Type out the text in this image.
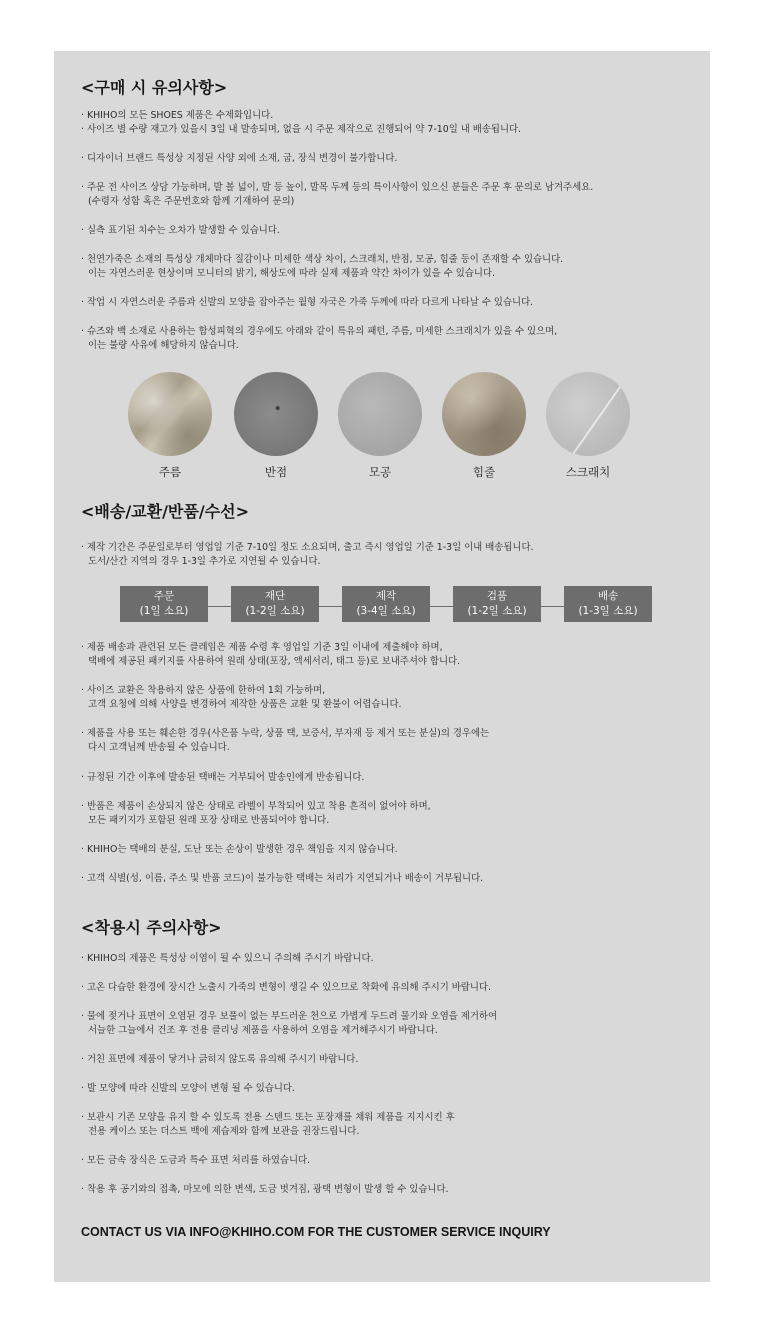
<구매 시 유의사항>

· KHIHO의 모든 SHOES 제품은 수제화입니다.
· 사이즈 별 수량 재고가 있을시 3일 내 발송되며, 없을 시 주문 제작으로 진행되어 약 7-10일 내 배송됩니다.

· 디자이너 브랜드 특성상 지정된 사양 외에 소재, 굽, 장식 변경이 불가합니다.

· 주문 전 사이즈 상담 가능하며, 발 볼 넓이, 발 등 높이, 발목 두께 등의 특이사항이 있으신 분들은 주문 후 문의로 남겨주세요.
(수령자 성함 혹은 주문번호와 함께 기재하여 문의)

· 실측 표기된 치수는 오차가 발생할 수 있습니다.

· 천연가죽은 소재의 특성상 개체마다 질감이나 미세한 색상 차이, 스크래치, 반점, 모공, 힘줄 등이 존재할 수 있습니다.
이는 자연스러운 현상이며 모니터의 밝기, 해상도에 따라 실제 제품과 약간 차이가 있을 수 있습니다.

· 작업 시 자연스러운 주름과 신발의 모양을 잡아주는 월형 자국은 가죽 두께에 따라 다르게 나타날 수 있습니다.

· 슈즈와 백 소재로 사용하는 합성피혁의 경우에도 아래와 같이 특유의 패턴, 주름, 미세한 스크래치가 있을 수 있으며,
이는 불량 사유에 해당하지 않습니다.

주름	반점	모공	힘줄	스크래치
<배송/교환/반품/수선>

· 제작 기간은 주문일로부터 영업일 기준 7-10일 정도 소요되며, 출고 즉시 영업일 기준 1-3일 이내 배송됩니다.
도서/산간 지역의 경우 1-3일 추가로 지연될 수 있습니다.

주문
(1일 소요)
재단
(1-2일 소요)
제작
(3-4일 소요)
검품
(1-2일 소요)
배송
(1-3일 소요)

· 제품 배송과 관련된 모든 클레임은 제품 수령 후 영업일 기준 3일 이내에 제출해야 하며,
택배에 제공된 패키지를 사용하여 원래 상태(포장, 액세서리, 태그 등)로 보내주셔야 합니다.

· 사이즈 교환은 착용하지 않은 상품에 한하여 1회 가능하며,
고객 요청에 의해 사양을 변경하여 제작한 상품은 교환 및 환불이 어렵습니다.

· 제품을 사용 또는 훼손한 경우(사은품 누락, 상품 택, 보증서, 부자재 등 제거 또는 분실)의 경우에는
다시 고객님께 반송될 수 있습니다.

· 규정된 기간 이후에 발송된 택배는 거부되어 발송인에게 반송됩니다.

· 반품은 제품이 손상되지 않은 상태로 라벨이 부착되어 있고 착용 흔적이 없어야 하며,
모든 패키지가 포함된 원래 포장 상태로 반품되어야 합니다.

· KHIHO는 택배의 분실, 도난 또는 손상이 발생한 경우 책임을 지지 않습니다.

· 고객 식별(성, 이름, 주소 및 반품 코드)이 불가능한 택배는 처리가 지연되거나 배송이 거부됩니다.

<착용시 주의사항>

· KHIHO의 제품은 특성상 이염이 될 수 있으니 주의해 주시기 바랍니다.

· 고온 다습한 환경에 장시간 노출시 가죽의 변형이 생길 수 있으므로 착화에 유의해 주시기 바랍니다.

· 물에 젖거나 표면이 오염된 경우 보풀이 없는 부드러운 천으로 가볍게 두드려 물기와 오염을 제거하여
서늘한 그늘에서 건조 후 전용 클리닝 제품을 사용하여 오염을 제거해주시기 바랍니다.

· 거친 표면에 제품이 닿거나 긁히지 않도록 유의해 주시기 바랍니다.

· 발 모양에 따라 신발의 모양이 변형 될 수 있습니다.

· 보관시 기존 모양을 유지 할 수 있도록 전용 스텐드 또는 포장재를 채워 제품을 지지시킨 후
전용 케이스 또는 더스트 백에 제습제와 함께 보관을 권장드립니다.

· 모든 금속 장식은 도금과 특수 표면 처리를 하였습니다.

· 착용 후 공기와의 접촉, 마모에 의한 변색, 도금 벗겨짐, 광택 변형이 발생 할 수 있습니다.

CONTACT US VIA INFO@KHIHO.COM FOR THE CUSTOMER SERVICE INQUIRY
